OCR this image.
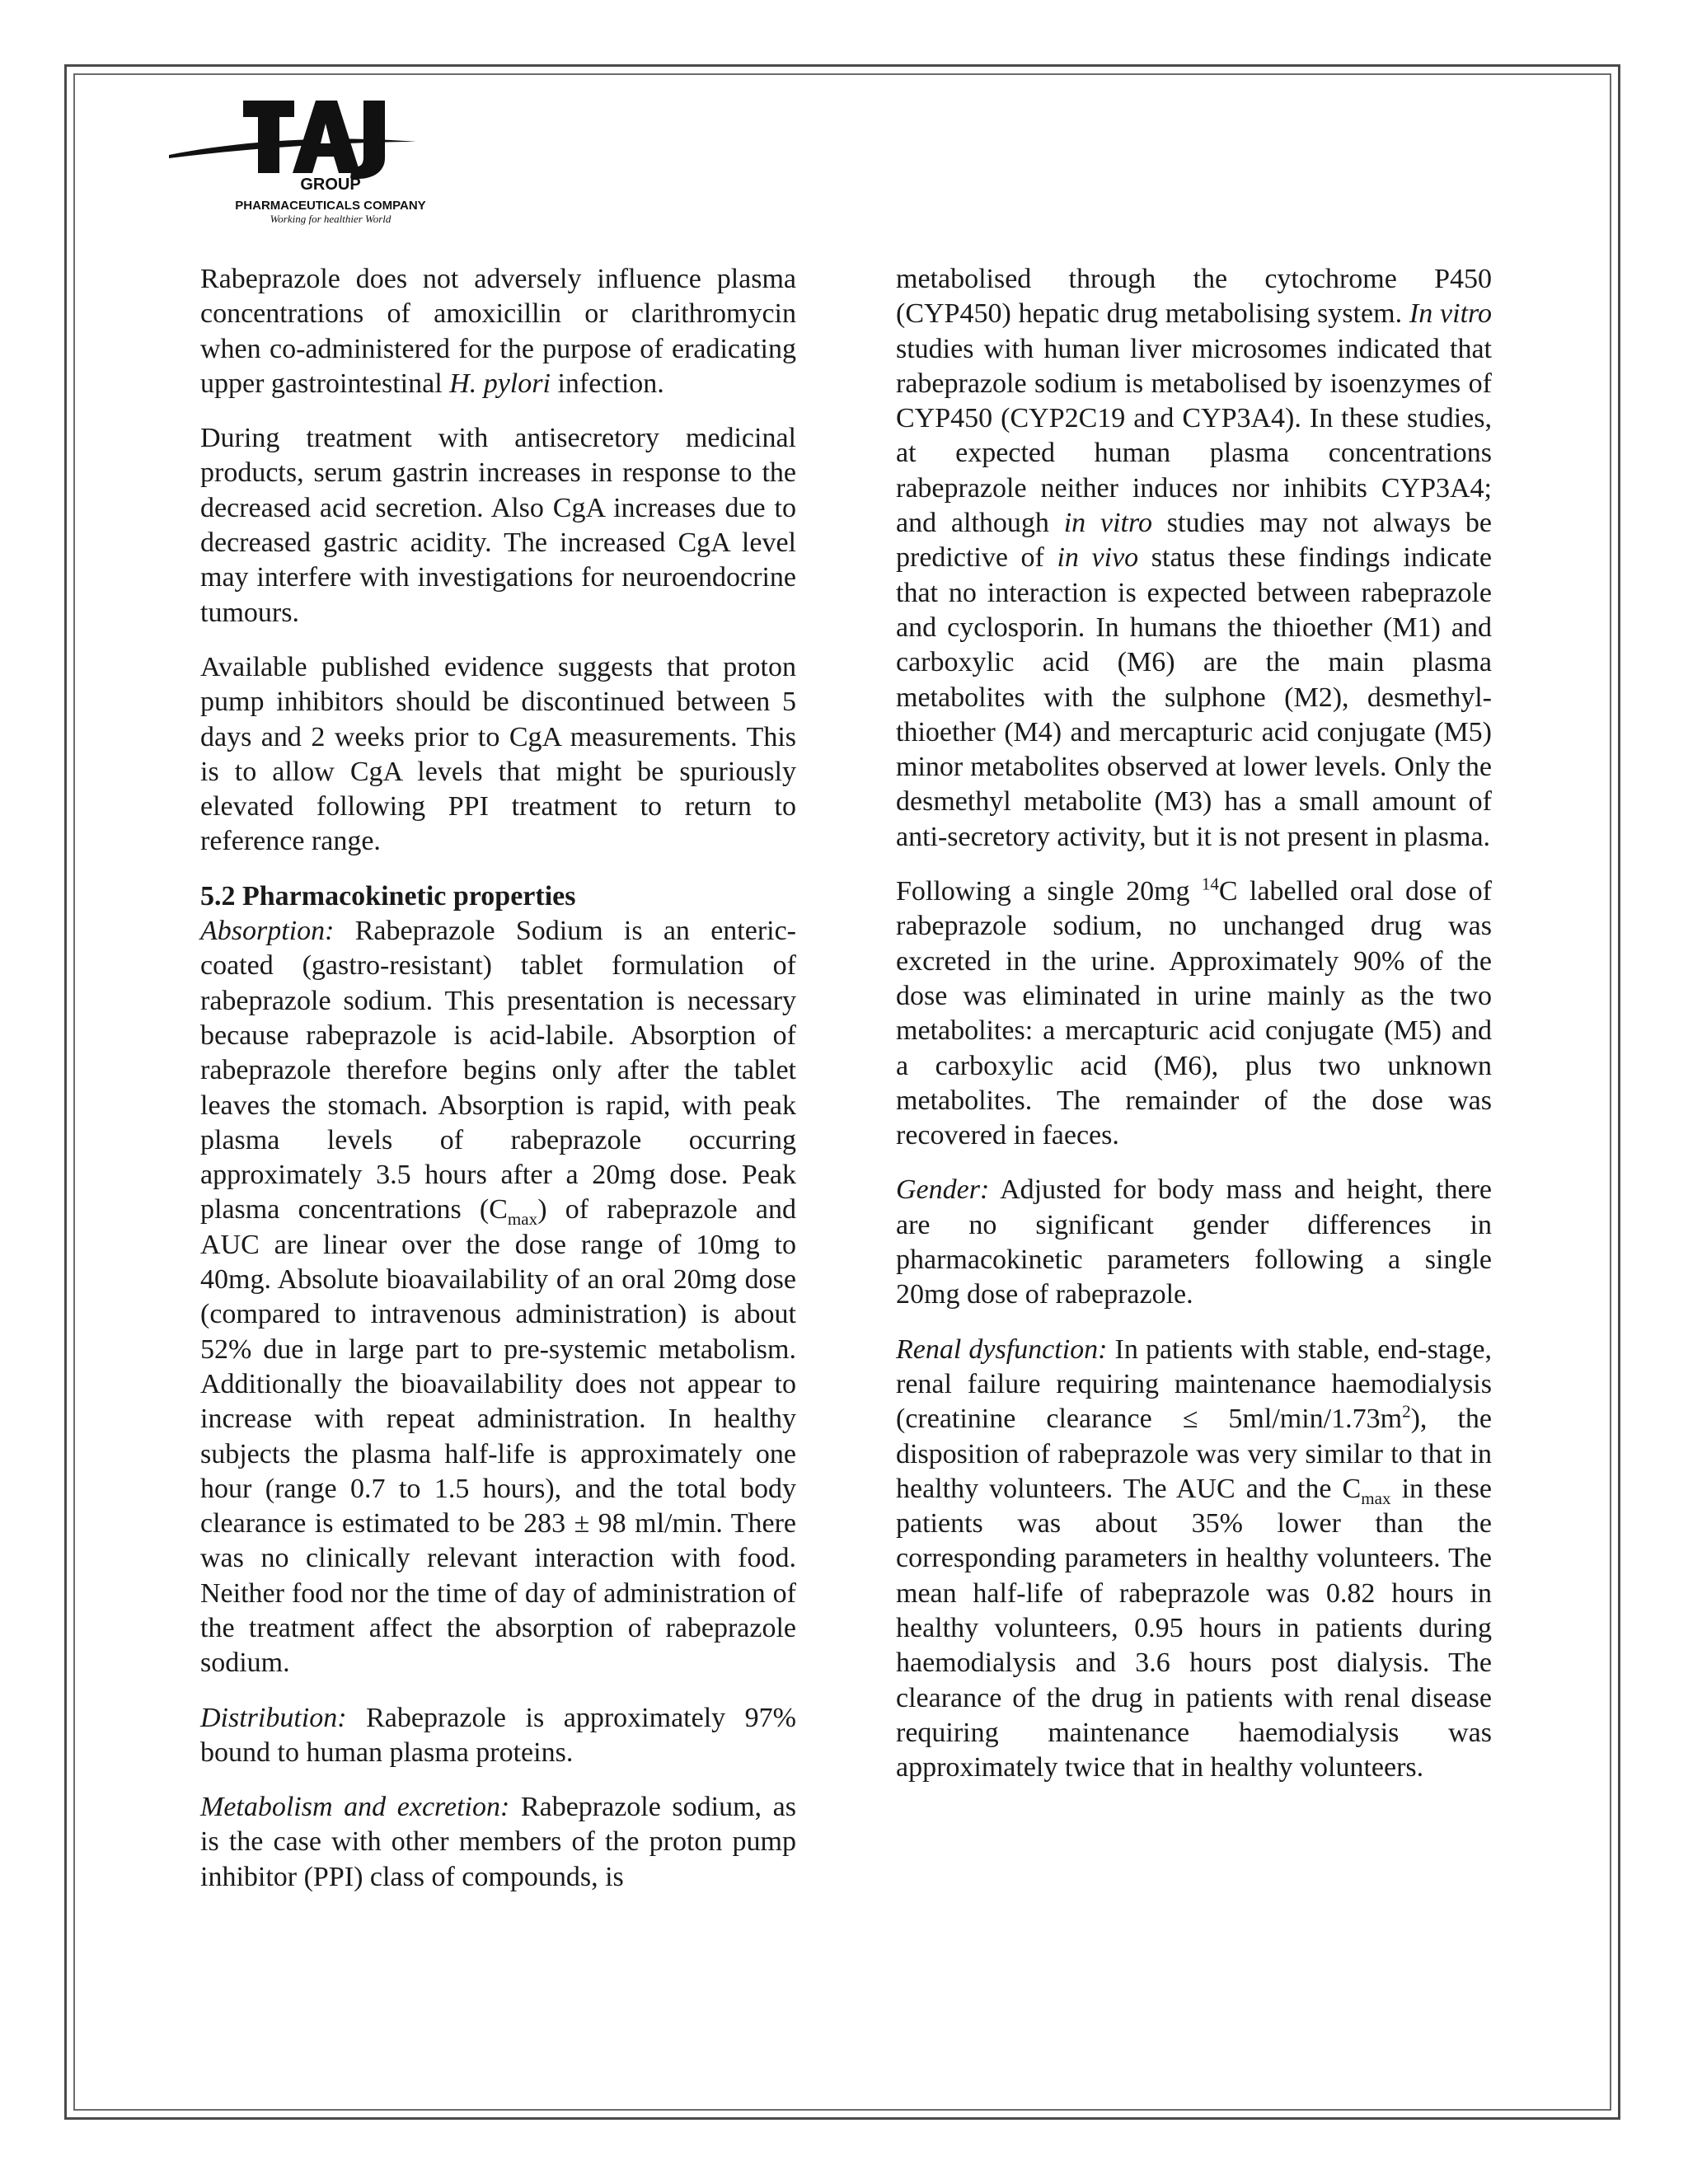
GROUP
PHARMACEUTICALS COMPANY
Working for healthier World

Rabeprazole does not adversely influence plasma concentrations of amoxicillin or clarithromycin when co-administered for the purpose of eradicating upper gastrointestinal H. pylori infection.

During treatment with antisecretory medicinal products, serum gastrin increases in response to the decreased acid secretion. Also CgA increases due to decreased gastric acidity. The increased CgA level may interfere with investigations for neuroendocrine tumours.

Available published evidence suggests that proton pump inhibitors should be discontinued between 5 days and 2 weeks prior to CgA measurements. This is to allow CgA levels that might be spuriously elevated following PPI treatment to return to reference range.

5.2 Pharmacokinetic properties

Absorption: Rabeprazole Sodium is an enteric-coated (gastro-resistant) tablet formulation of rabeprazole sodium. This presentation is necessary because rabeprazole is acid-labile. Absorption of rabeprazole therefore begins only after the tablet leaves the stomach. Absorption is rapid, with peak plasma levels of rabeprazole occurring approximately 3.5 hours after a 20mg dose. Peak plasma concentrations $(C_{max})$ of rabeprazole and AUC are linear over the dose range of 10mg to 40mg. Absolute bioavailability of an oral 20mg dose (compared to intravenous administration) is about 52% due in large part to pre-systemic metabolism. Additionally the bioavailability does not appear to increase with repeat administration. In healthy subjects the plasma half-life is approximately one hour (range 0.7 to 1.5 hours), and the total body clearance is estimated to be 283 ± 98 ml/min. There was no clinically relevant interaction with food. Neither food nor the time of day of administration of the treatment affect the absorption of rabeprazole sodium.

Distribution: Rabeprazole is approximately 97% bound to human plasma proteins.

Metabolism and excretion: Rabeprazole sodium, as is the case with other members of the proton pump inhibitor (PPI) class of compounds, is

metabolised through the cytochrome P450 (CYP450) hepatic drug metabolising system. In vitro studies with human liver microsomes indicated that rabeprazole sodium is metabolised by isoenzymes of CYP450 (CYP2C19 and CYP3A4). In these studies, at expected human plasma concentrations rabeprazole neither induces nor inhibits CYP3A4; and although in vitro studies may not always be predictive of in vivo status these findings indicate that no interaction is expected between rabeprazole and cyclosporin. In humans the thioether (M1) and carboxylic acid (M6) are the main plasma metabolites with the sulphone (M2), desmethyl-thioether (M4) and mercapturic acid conjugate (M5) minor metabolites observed at lower levels. Only the desmethyl metabolite (M3) has a small amount of anti-secretory activity, but it is not present in plasma.

Following a single 20mg $^{14}$C labelled oral dose of rabeprazole sodium, no unchanged drug was excreted in the urine. Approximately 90% of the dose was eliminated in urine mainly as the two metabolites: a mercapturic acid conjugate (M5) and a carboxylic acid (M6), plus two unknown metabolites. The remainder of the dose was recovered in faeces.

Gender: Adjusted for body mass and height, there are no significant gender differences in pharmacokinetic parameters following a single 20mg dose of rabeprazole.

Renal dysfunction: In patients with stable, end-stage, renal failure requiring maintenance haemodialysis (creatinine clearance ≤ $5ml/\min/1.73m^2$), the disposition of rabeprazole was very similar to that in healthy volunteers. The AUC and the $C_{max}$ in these patients was about 35% lower than the corresponding parameters in healthy volunteers. The mean half-life of rabeprazole was 0.82 hours in healthy volunteers, 0.95 hours in patients during haemodialysis and 3.6 hours post dialysis. The clearance of the drug in patients with renal disease requiring maintenance haemodialysis was approximately twice that in healthy volunteers.
